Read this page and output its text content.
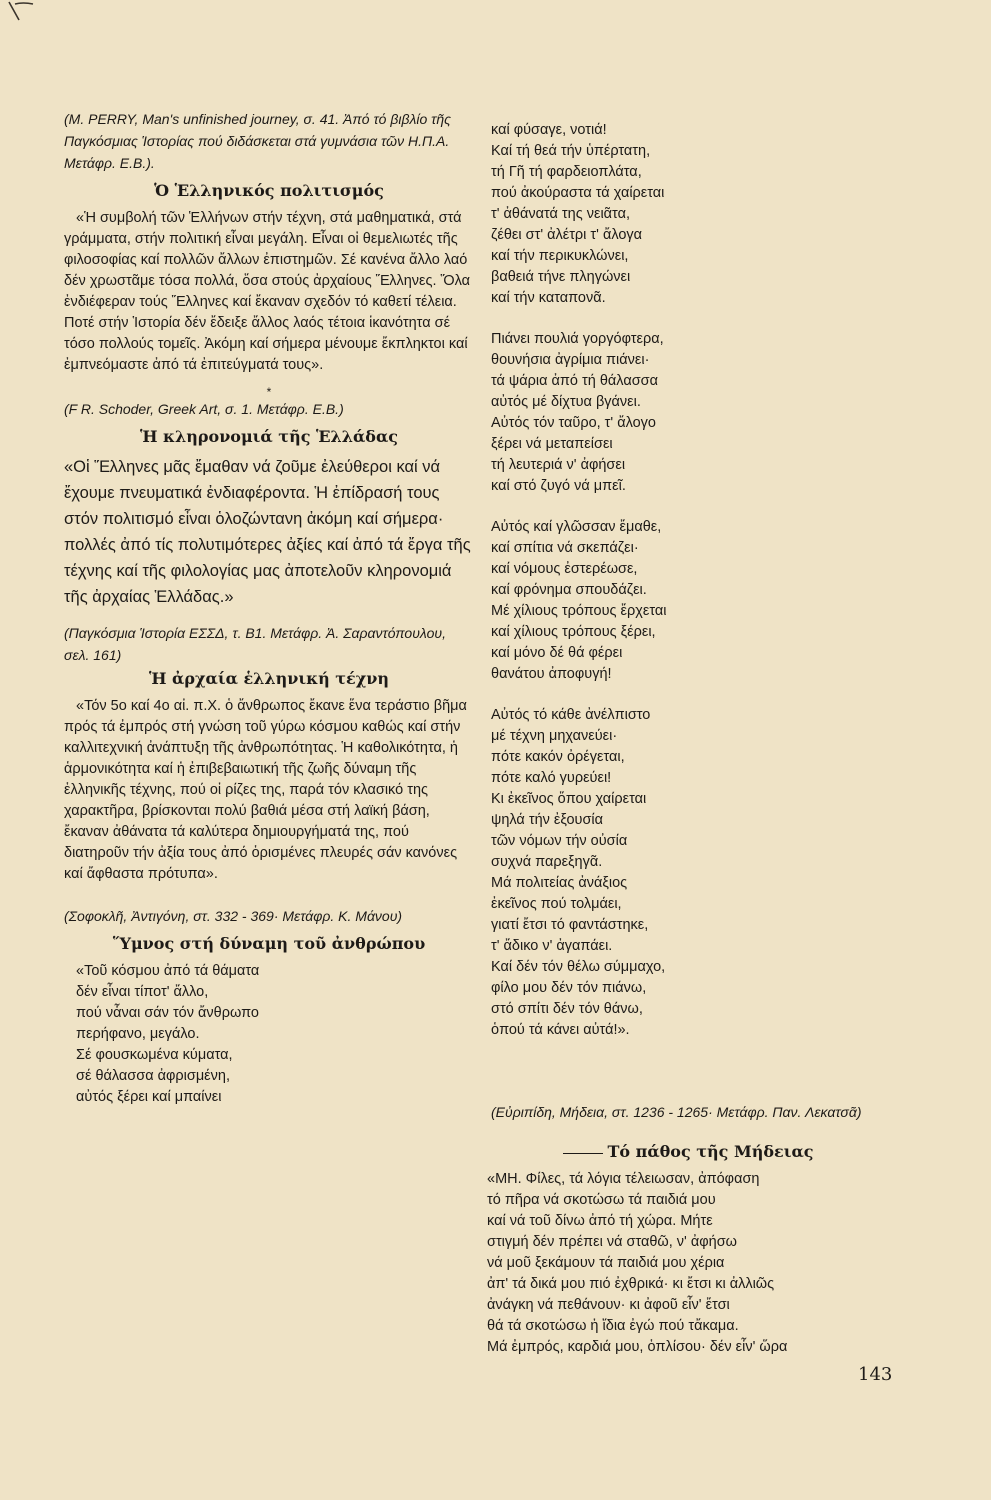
(M. PERRY, Man's unfinished journey, σ. 41. Ἀπό τό βιβλίο τῆς Παγκόσμιας Ἱστορίας πού διδάσκεται στά γυμνάσια τῶν Η.Π.Α. Μετάφρ. Ε.Β.).

Ὁ Ἑλληνικός πολιτισμός

«Ἡ συμβολή τῶν Ἑλλήνων στήν τέχνη, στά μαθηματικά, στά γράμματα, στήν πολιτική εἶναι μεγάλη. Εἶναι οἱ θεμελιωτές τῆς φιλοσοφίας καί πολλῶν ἄλλων ἐπιστημῶν. Σέ κανένα ἄλλο λαό δέν χρωστᾶμε τόσα πολλά, ὅσα στούς ἀρχαίους Ἕλληνες. Ὅλα ἐνδιέφεραν τούς Ἕλληνες καί ἔκαναν σχεδόν τό καθετί τέλεια. Ποτέ στήν Ἱστορία δέν ἔδειξε ἄλλος λαός τέτοια ἱκανότητα σέ τόσο πολλούς τομεῖς. Ἀκόμη καί σήμερα μένουμε ἔκπληκτοι καί ἐμπνεόμαστε ἀπό τά ἐπιτεύγματά τους».

*

(F R. Schoder, Greek Art, σ. 1. Μετάφρ. Ε.Β.)

Ἡ κληρονομιά τῆς Ἑλλάδας

«Οἱ Ἕλληνες μᾶς ἔμαθαν νά ζοῦμε ἐλεύθεροι καί νά ἔχουμε πνευματικά ἐνδιαφέροντα. Ἡ ἐπίδρασή τους στόν πολιτισμό εἶναι ὁλοζώντανη ἀκόμη καί σήμερα· πολλές ἀπό τίς πολυτιμότερες ἀξίες καί ἀπό τά ἔργα τῆς τέχνης καί τῆς φιλολογίας μας ἀποτελοῦν κληρονομιά τῆς ἀρχαίας Ἑλλάδας.»

(Παγκόσμια Ἱστορία ΕΣΣΔ, τ. Β1. Μετάφρ. Ἀ. Σαραντόπουλου, σελ. 161)

Ἡ ἀρχαία ἑλληνική τέχνη

«Τόν 5ο καί 4ο αἰ. π.Χ. ὁ ἄνθρωπος ἔκανε ἕνα τεράστιο βῆμα πρός τά ἐμπρός στή γνώση τοῦ γύρω κόσμου καθώς καί στήν καλλιτεχνική ἀνάπτυξη τῆς ἀνθρωπότητας. Ἡ καθολικότητα, ἡ ἁρμονικότητα καί ἡ ἐπιβεβαιωτική τῆς ζωῆς δύναμη τῆς ἑλληνικῆς τέχνης, πού οἱ ρίζες της, παρά τόν κλασικό της χαρακτῆρα, βρίσκονται πολύ βαθιά μέσα στή λαϊκή βάση, ἔκαναν ἀθάνατα τά καλύτερα δημιουργήματά της, πού διατηροῦν τήν ἀξία τους ἀπό ὁρισμένες πλευρές σάν κανόνες καί ἄφθαστα πρότυπα».

(Σοφοκλῆ, Ἀντιγόνη, στ. 332 - 369· Μετάφρ. Κ. Μάνου)

Ὕμνος στή δύναμη τοῦ ἀνθρώπου
«Τοῦ κόσμου ἀπό τά θάματα
δέν εἶναι τίποτ' ἄλλο,
πού νἆναι σάν τόν ἄνθρωπο
περήφανο, μεγάλο.
Σέ φουσκωμένα κύματα,
σέ θάλασσα ἀφρισμένη,
αὐτός ξέρει καί μπαίνει
καί φύσαγε, νοτιά!
Καί τή θεά τήν ὑπέρτατη,
τή Γῆ τή φαρδειοπλάτα,
πού ἀκούραστα τά χαίρεται
τ' ἀθάνατά της νειᾶτα,
ζέθει στ' ἀλέτρι τ' ἄλογα
καί τήν περικυκλώνει,
βαθειά τήνε πληγώνει
καί τήν καταπονᾶ.
Πιάνει πουλιά γοργόφτερα,
θουνήσια ἀγρίμια πιάνει·
τά ψάρια ἀπό τή θάλασσα
αὐτός μέ δίχτυα βγάνει.
Αὐτός τόν ταῦρο, τ' ἄλογο
ξέρει νά μεταπείσει
τή λευτεριά ν' ἀφήσει
καί στό ζυγό νά μπεῖ.
Αὐτός καί γλῶσσαν ἔμαθε,
καί σπίτια νά σκεπάζει·
καί νόμους ἐστερέωσε,
καί φρόνημα σπουδάζει.
Μέ χίλιους τρόπους ἔρχεται
καί χίλιους τρόπους ξέρει,
καί μόνο δέ θά φέρει
θανάτου ἀποφυγή!
Αὐτός τό κάθε ἀνέλπιστο
μέ τέχνη μηχανεύει·
πότε κακόν ὀρέγεται,
πότε καλό γυρεύει!
Κι ἐκεῖνος ὅπου χαίρεται
ψηλά τήν ἐξουσία
τῶν νόμων τήν οὐσία
συχνά παρεξηγᾶ.
Μά πολιτείας ἀνάξιος
ἐκεῖνος πού τολμάει,
γιατί ἔτσι τό φαντάστηκε,
τ' ἄδικο ν' ἀγαπάει.
Καί δέν τόν θέλω σύμμαχο,
φίλο μου δέν τόν πιάνω,
στό σπίτι δέν τόν θάνω,
ὁπού τά κάνει αὐτά!».

(Εὐριπίδη, Μήδεια, στ. 1236 - 1265· Μετάφρ. Παν. Λεκατσᾶ)

Τό πάθος τῆς Μήδειας
«ΜΗ. Φίλες, τά λόγια τέλειωσαν, ἀπόφαση
τό πῆρα νά σκοτώσω τά παιδιά μου
καί νά τοῦ δίνω ἀπό τή χώρα. Μήτε
στιγμή δέν πρέπει νά σταθῶ, ν' ἀφήσω
νά μοῦ ξεκάμουν τά παιδιά μου χέρια
ἀπ' τά δικά μου πιό ἐχθρικά· κι ἔτσι κι ἀλλιῶς
ἀνάγκη νά πεθάνουν· κι ἀφοῦ εἶν' ἔτσι
θά τά σκοτώσω ἡ ἴδια ἐγώ πού τἄκαμα.
Μά ἐμπρός, καρδιά μου, ὁπλίσου· δέν εἶν' ὥρα
143
